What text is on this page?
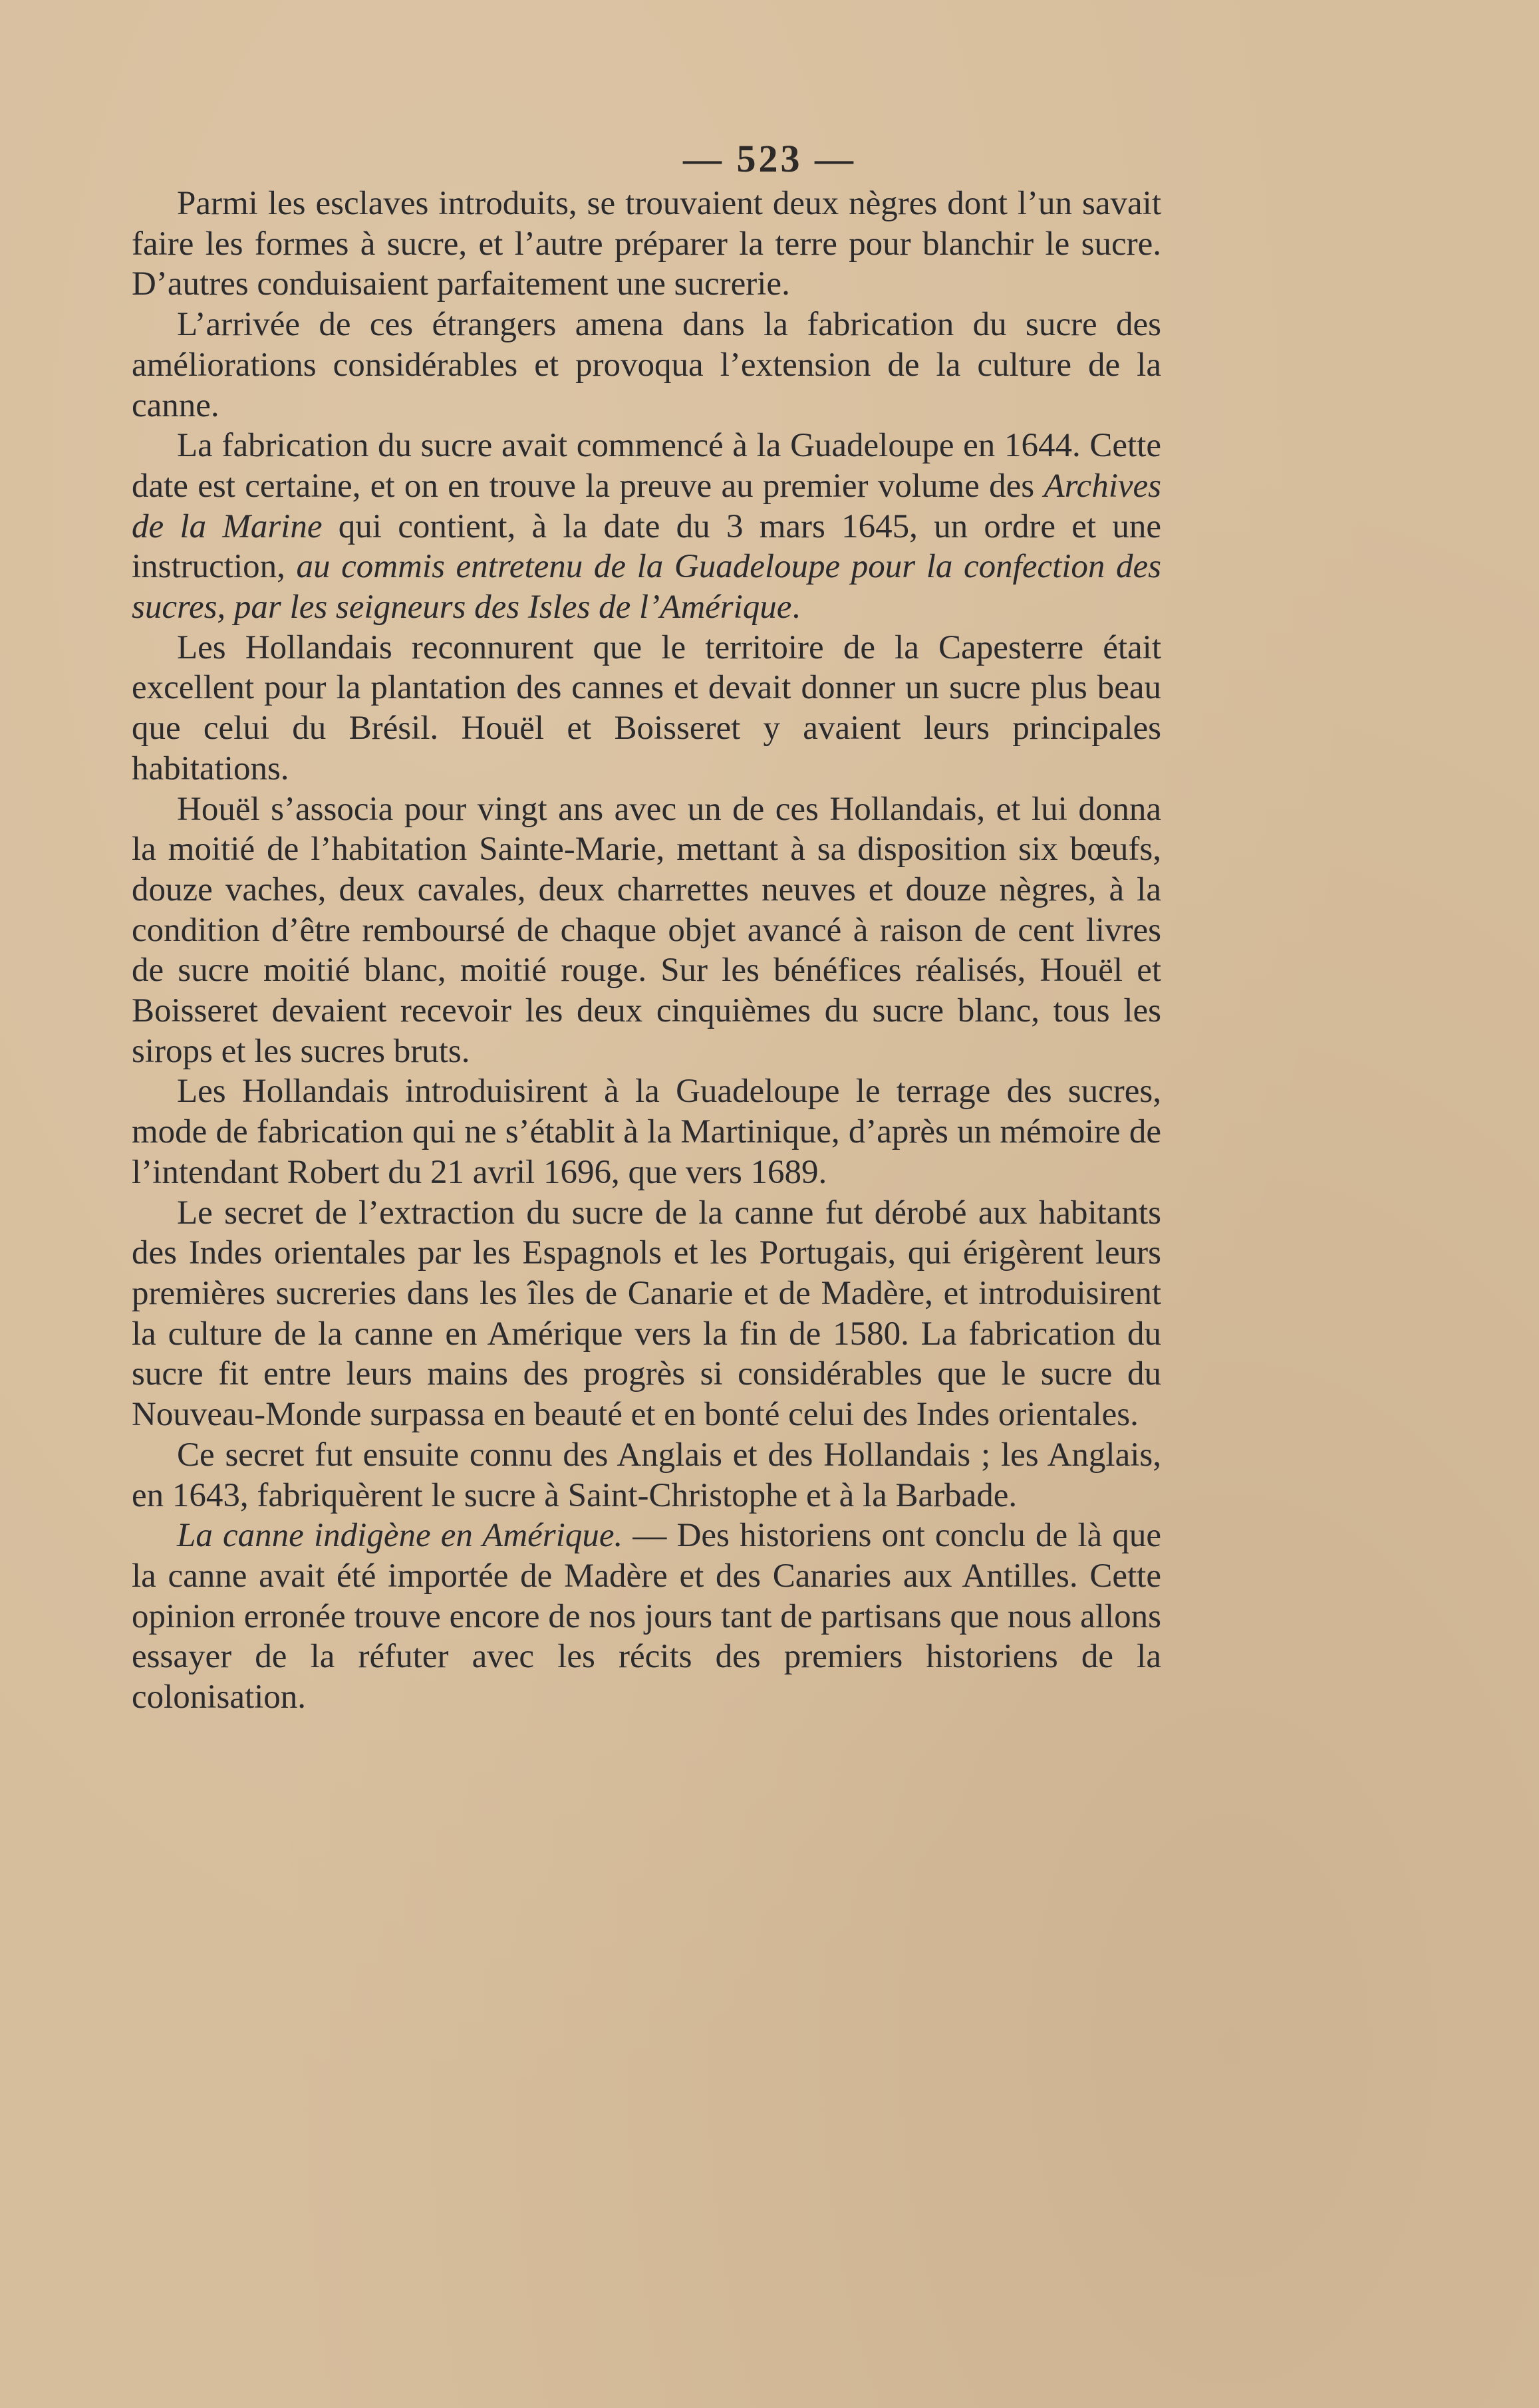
— 523 —

Parmi les esclaves introduits, se trouvaient deux nègres dont l’un savait faire les formes à sucre, et l’autre préparer la terre pour blanchir le sucre. D’autres conduisaient parfaitement une sucrerie.

L’arrivée de ces étrangers amena dans la fabrication du sucre des améliorations considérables et provoqua l’extension de la culture de la canne.

La fabrication du sucre avait commencé à la Guadeloupe en 1644. Cette date est certaine, et on en trouve la preuve au premier volume des Archives de la Marine qui contient, à la date du 3 mars 1645, un ordre et une instruction, au commis entretenu de la Guadeloupe pour la confection des sucres, par les seigneurs des Isles de l’Amérique.

Les Hollandais reconnurent que le territoire de la Capesterre était excellent pour la plantation des cannes et devait donner un sucre plus beau que celui du Brésil. Houël et Boisseret y avaient leurs principales habitations.

Houël s’associa pour vingt ans avec un de ces Hollandais, et lui donna la moitié de l’habitation Sainte-Marie, mettant à sa disposition six bœufs, douze vaches, deux cavales, deux charrettes neuves et douze nègres, à la condition d’être remboursé de chaque objet avancé à raison de cent livres de sucre moitié blanc, moitié rouge. Sur les bénéfices réalisés, Houël et Boisseret devaient recevoir les deux cinquièmes du sucre blanc, tous les sirops et les sucres bruts.

Les Hollandais introduisirent à la Guadeloupe le terrage des sucres, mode de fabrication qui ne s’établit à la Martinique, d’après un mémoire de l’intendant Robert du 21 avril 1696, que vers 1689.

Le secret de l’extraction du sucre de la canne fut dérobé aux habitants des Indes orientales par les Espagnols et les Portugais, qui érigèrent leurs premières sucreries dans les îles de Canarie et de Madère, et introduisirent la culture de la canne en Amérique vers la fin de 1580. La fabrication du sucre fit entre leurs mains des progrès si considérables que le sucre du Nouveau-Monde surpassa en beauté et en bonté celui des Indes orientales.

Ce secret fut ensuite connu des Anglais et des Hollandais ; les Anglais, en 1643, fabriquèrent le sucre à Saint-Christophe et à la Barbade.

La canne indigène en Amérique. — Des historiens ont conclu de là que la canne avait été importée de Madère et des Canaries aux Antilles. Cette opinion erronée trouve encore de nos jours tant de partisans que nous allons essayer de la réfuter avec les récits des premiers historiens de la colonisation.
